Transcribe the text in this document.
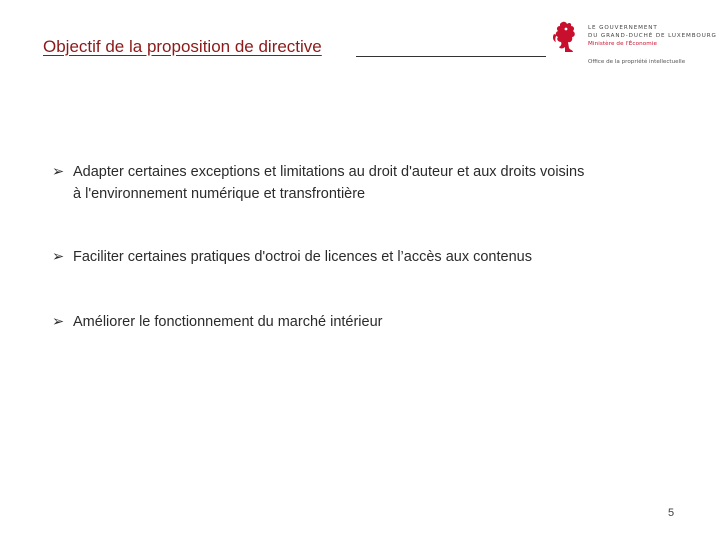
Objectif de la proposition de directive
LE GOUVERNEMENT
DU GRAND-DUCHÉ DE LUXEMBOURG
Ministère de l'Économie
Office de la propriété intellectuelle
➢ Adapter certaines exceptions et limitations au droit d'auteur et aux droits voisins
à l'environnement numérique et transfrontière
➢ Faciliter certaines pratiques d'octroi de licences et l’accès aux contenus
➢ Améliorer le fonctionnement du marché intérieur
5
